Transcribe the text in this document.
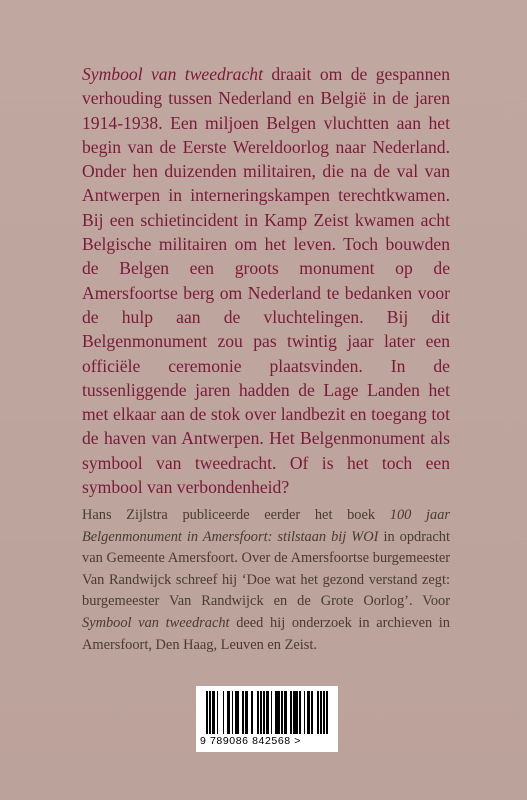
Symbool van tweedracht draait om de gespannen verhouding tussen Nederland en België in de jaren 1914-1938. Een miljoen Belgen vluchtten aan het begin van de Eerste Wereldoorlog naar Nederland. Onder hen duizenden militairen, die na de val van Antwerpen in interneringskampen terechtkwamen. Bij een schietincident in Kamp Zeist kwamen acht Belgische militairen om het leven. Toch bouwden de Belgen een groots monument op de Amersfoortse berg om Nederland te bedanken voor de hulp aan de vluchtelingen. Bij dit Belgenmonument zou pas twintig jaar later een officiële ceremonie plaatsvinden. In de tussenliggende jaren hadden de Lage Landen het met elkaar aan de stok over landbezit en toegang tot de haven van Antwerpen. Het Belgenmonument als symbool van tweedracht. Of is het toch een symbool van verbondenheid?

Hans Zijlstra publiceerde eerder het boek 100 jaar Belgenmonument in Amersfoort: stilstaan bij WOI in opdracht van Gemeente Amersfoort. Over de Amersfoortse burgemeester Van Randwijck schreef hij ‘Doe wat het gezond verstand zegt: burgemeester Van Randwijck en de Grote Oorlog’. Voor Symbool van tweedracht deed hij onderzoek in archieven in Amersfoort, Den Haag, Leuven en Zeist.

9 789086 842568 >
